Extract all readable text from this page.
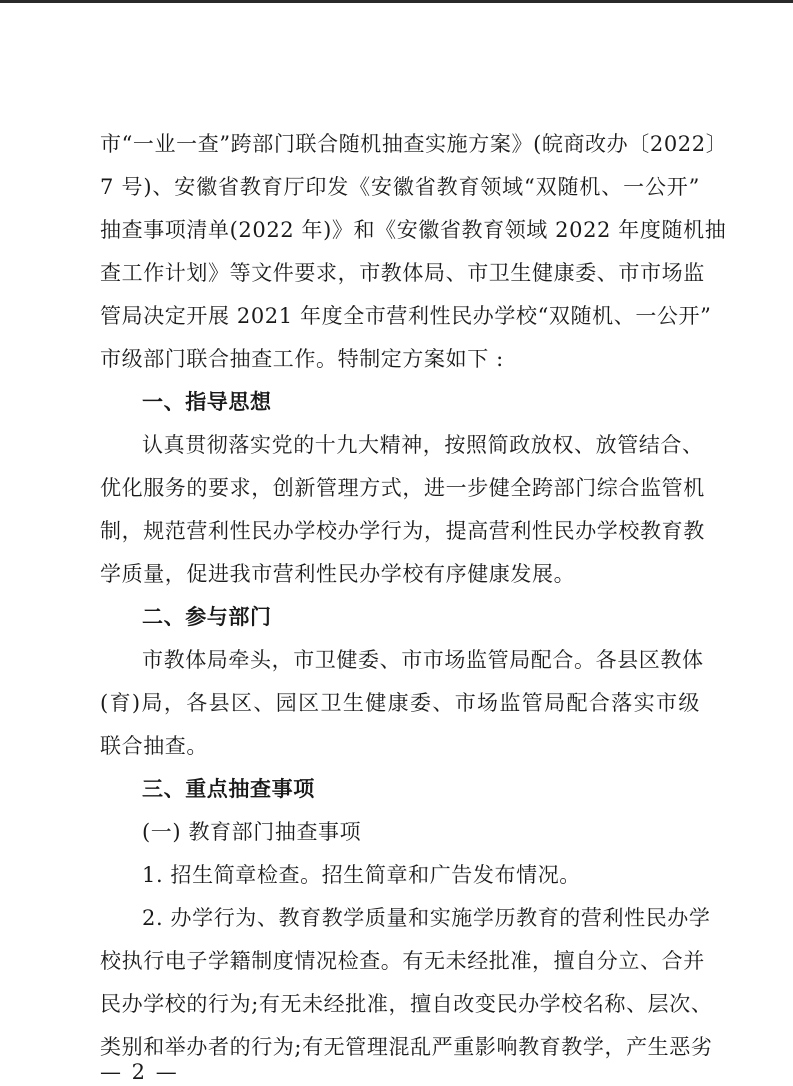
市“一业一查”跨部门联合随机抽查实施方案》(皖商改办〔2022〕
7 号)、安徽省教育厅印发《安徽省教育领域“双随机、一公开”
抽查事项清单(2022 年)》和《安徽省教育领域 2022 年度随机抽
查工作计划》等文件要求，市教体局、市卫生健康委、市市场监
管局决定开展 2021 年度全市营利性民办学校“双随机、一公开”
市级部门联合抽查工作。特制定方案如下 :
一、指导思想
认真贯彻落实党的十九大精神，按照简政放权、放管结合、
优化服务的要求，创新管理方式，进一步健全跨部门综合监管机
制，规范营利性民办学校办学行为，提高营利性民办学校教育教
学质量，促进我市营利性民办学校有序健康发展。
二、参与部门
市教体局牵头，市卫健委、市市场监管局配合。各县区教体
(育)局，各县区、园区卫生健康委、市场监管局配合落实市级
联合抽查。
三、重点抽查事项
(一) 教育部门抽查事项
1. 招生简章检查。招生简章和广告发布情况。
2. 办学行为、教育教学质量和实施学历教育的营利性民办学
校执行电子学籍制度情况检查。有无未经批准，擅自分立、合并
民办学校的行为;有无未经批准，擅自改变民办学校名称、层次、
类别和举办者的行为;有无管理混乱严重影响教育教学，产生恶劣
— 2 —
